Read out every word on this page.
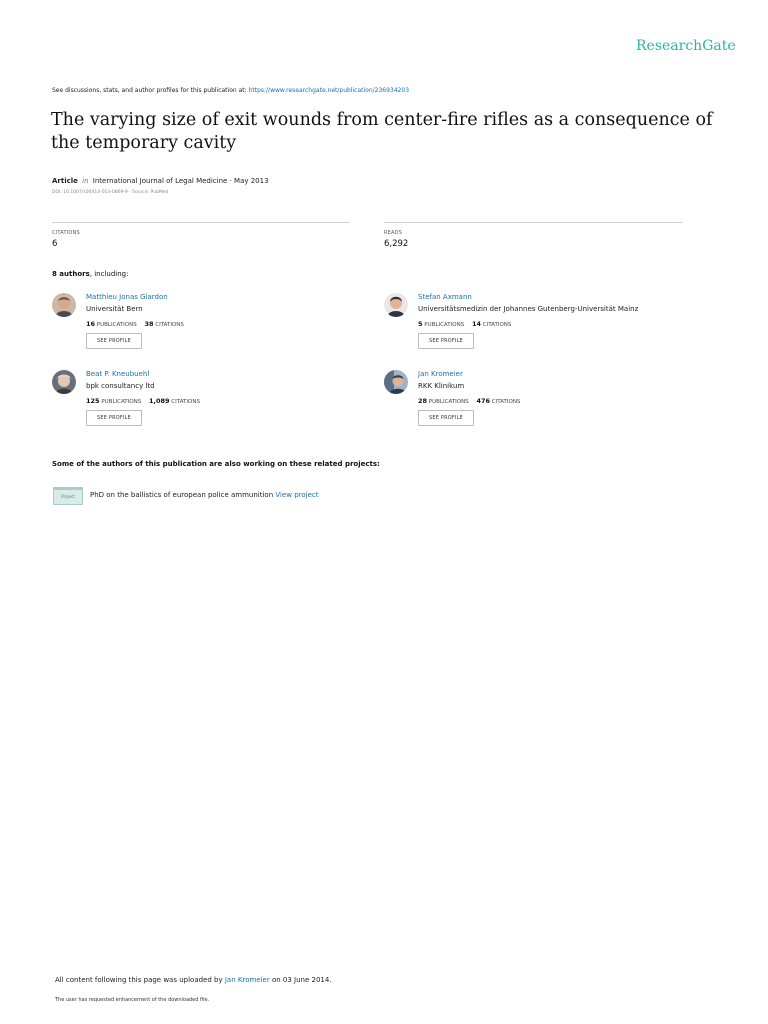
ResearchGate
See discussions, stats, and author profiles for this publication at: https://www.researchgate.net/publication/236934203
The varying size of exit wounds from center-fire rifles as a consequence of the temporary cavity
Article in International Journal of Legal Medicine · May 2013
DOI: 10.1007/s00414-013-0869-9 · Source: PubMed
CITATIONS
6
READS
6,292
8 authors, including:
Matthieu Jonas Giardon
Universität Bern
16 PUBLICATIONS 38 CITATIONS
SEE PROFILE
Stefan Axmann
Universitätsmedizin der Johannes Gutenberg-Universität Mainz
5 PUBLICATIONS 14 CITATIONS
SEE PROFILE
Beat P. Kneubuehl
bpk consultancy ltd
125 PUBLICATIONS 1,089 CITATIONS
SEE PROFILE
Jan Kromeier
RKK Klinikum
28 PUBLICATIONS 476 CITATIONS
SEE PROFILE
Some of the authors of this publication are also working on these related projects:
Project	PhD on the ballistics of european police ammunition View project
All content following this page was uploaded by Jan Kromeier on 03 June 2014.
The user has requested enhancement of the downloaded file.
